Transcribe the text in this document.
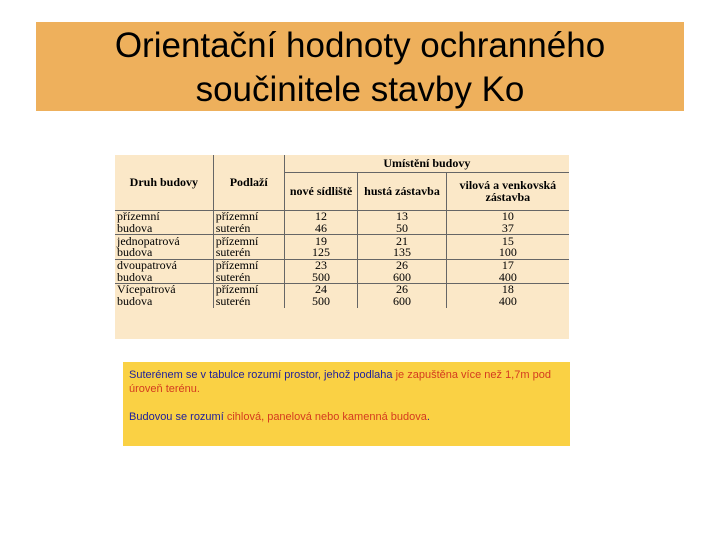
Orientační hodnoty ochranného
součinitele stavby Ko
Druh budovy	Podlaží	Umístění budovy		
		nové sídliště	hustá zástavba	vilová a venkovská zástavba
přízemní	přízemní	12	13	10
budova	suterén	46	50	37
jednopatrová	přízemní	19	21	15
budova	suterén	125	135	100
dvoupatrová	přízemní	23	26	17
budova	suterén	500	600	400
Vícepatrová	přízemní	24	26	18
budova	suterén	500	600	400

Suterénem se v tabulce rozumí prostor, jehož podlaha je zapuštěna více než 1,7m pod úroveň terénu.

Budovou se rozumí cihlová, panelová nebo kamenná budova.
